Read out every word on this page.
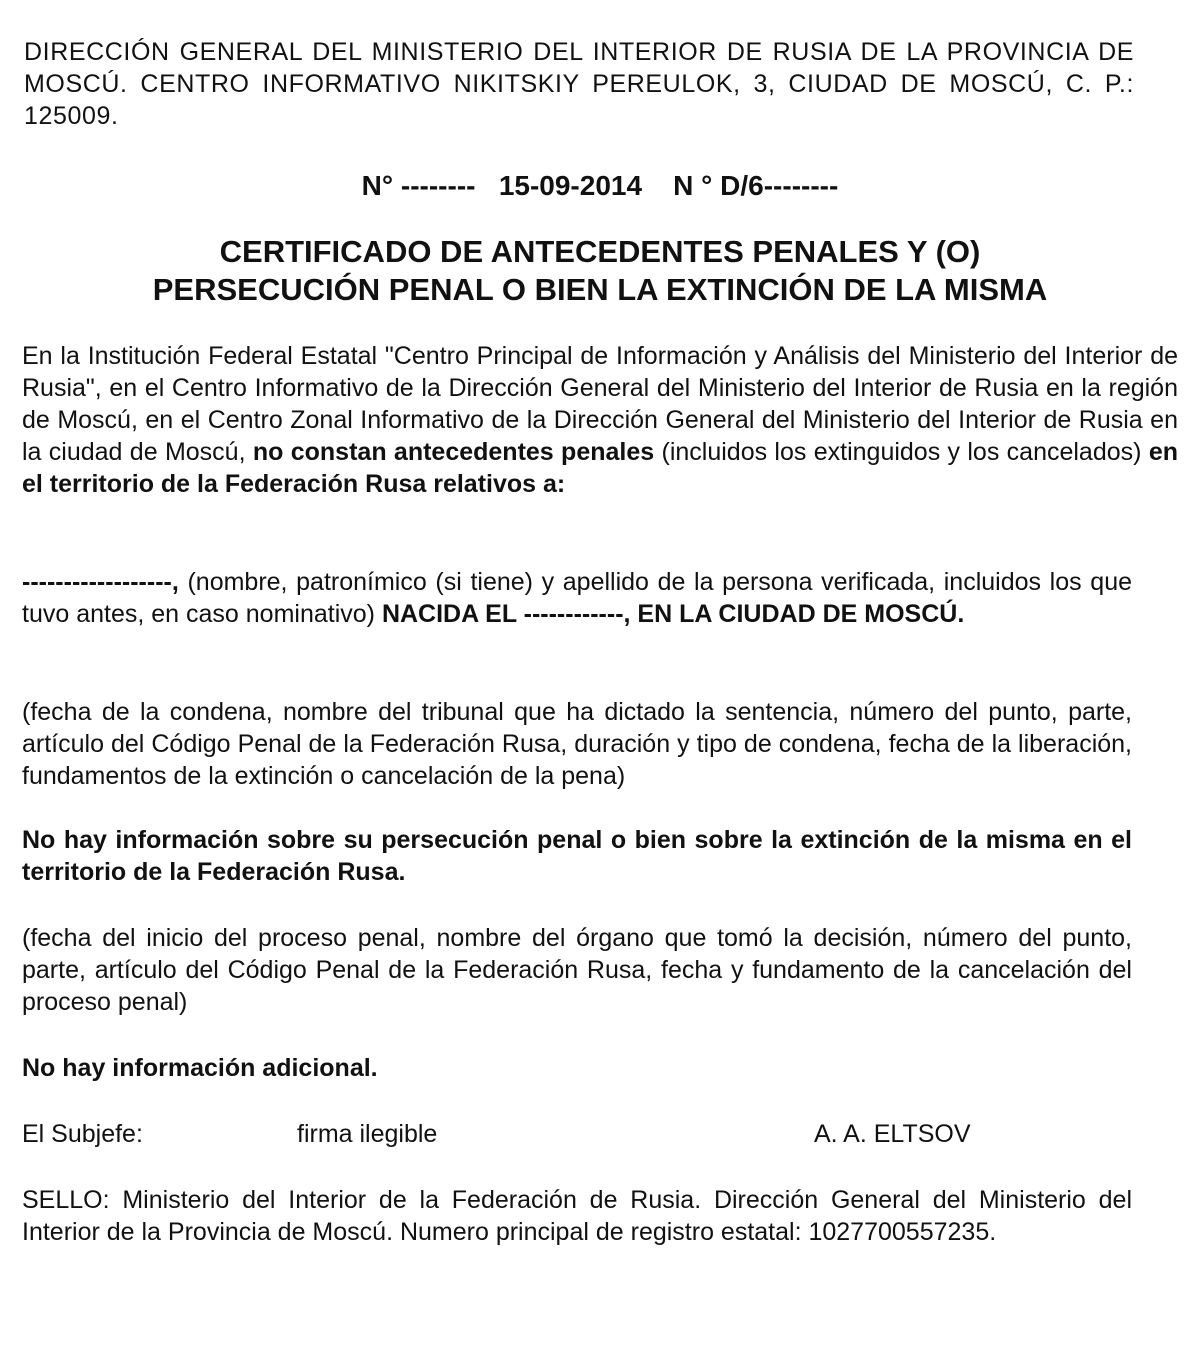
DIRECCIÓN GENERAL DEL MINISTERIO DEL INTERIOR DE RUSIA DE LA PROVINCIA DE MOSCÚ. CENTRO INFORMATIVO NIKITSKIY PEREULOK, 3, CIUDAD DE MOSCÚ, C. P.: 125009.
N° -------- 15-09-2014 N ° D/6--------
CERTIFICADO DE ANTECEDENTES PENALES Y (O)
PERSECUCIÓN PENAL O BIEN LA EXTINCIÓN DE LA MISMA
En la Institución Federal Estatal "Centro Principal de Información y Análisis del Ministerio del Interior de Rusia", en el Centro Informativo de la Dirección General del Ministerio del Interior de Rusia en la región de Moscú, en el Centro Zonal Informativo de la Dirección General del Ministerio del Interior de Rusia en la ciudad de Moscú, no constan antecedentes penales (incluidos los extinguidos y los cancelados) en el territorio de la Federación Rusa relativos a:
------------------, (nombre, patronímico (si tiene) y apellido de la persona verificada, incluidos los que tuvo antes, en caso nominativo) NACIDA EL ------------, EN LA CIUDAD DE MOSCÚ.
(fecha de la condena, nombre del tribunal que ha dictado la sentencia, número del punto, parte, artículo del Código Penal de la Federación Rusa, duración y tipo de condena, fecha de la liberación, fundamentos de la extinción o cancelación de la pena)
No hay información sobre su persecución penal o bien sobre la extinción de la misma en el territorio de la Federación Rusa.
(fecha del inicio del proceso penal, nombre del órgano que tomó la decisión, número del punto, parte, artículo del Código Penal de la Federación Rusa, fecha y fundamento de la cancelación del proceso penal)
No hay información adicional.
El Subjefe:	firma ilegible	A. A. ELTSOV
SELLO: Ministerio del Interior de la Federación de Rusia. Dirección General del Ministerio del Interior de la Provincia de Moscú. Numero principal de registro estatal: 1027700557235.
